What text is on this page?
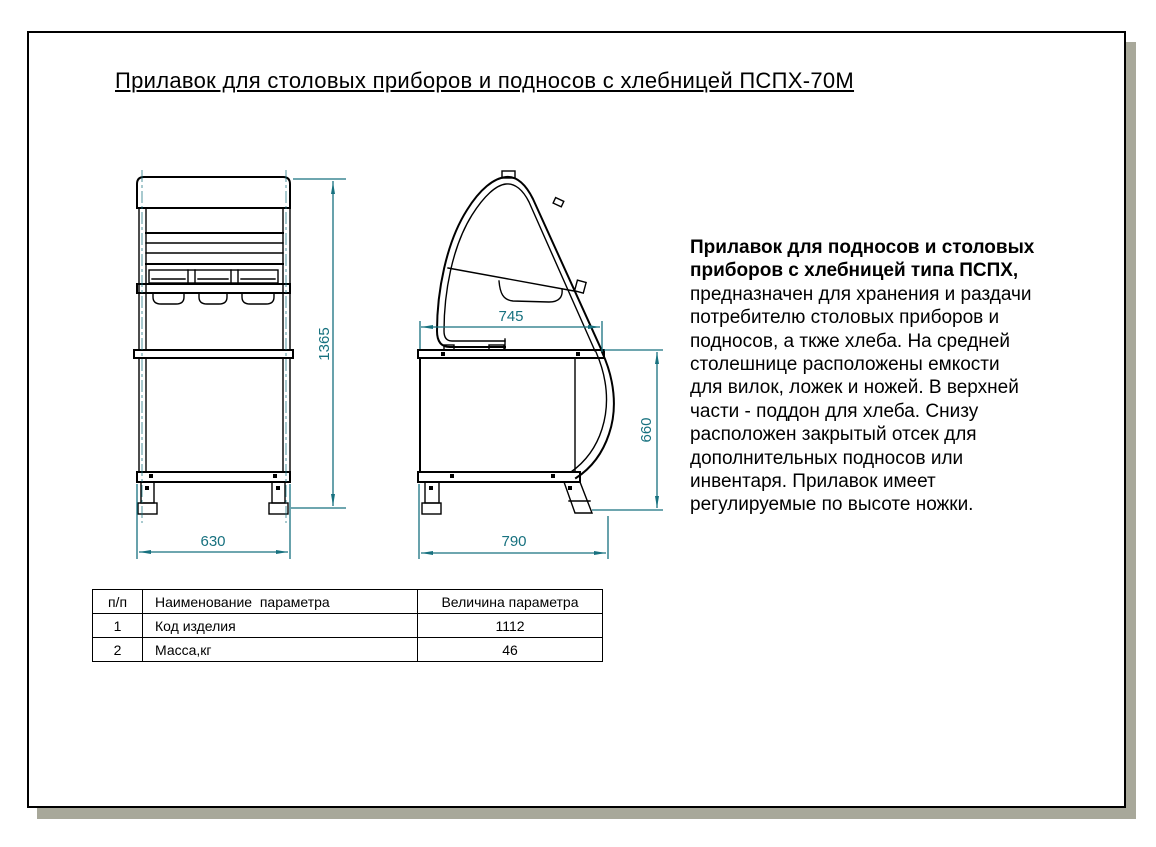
Прилавок для столовых приборов и подносов с хлебницей ПСПХ-70М
1365
630
745
660
790
Прилавок для подносов и столовых
приборов с хлебницей типа ПСПХ,
предназначен для хранения и раздачи
потребителю столовых приборов и
подносов, а ткже хлеба. На средней
столешнице расположены емкости
для вилок, ложек и ножей. В верхней
части - поддон для хлеба. Снизу
расположен закрытый отсек для
дополнительных подносов или
инвентаря. Прилавок имеет
регулируемые по высоте ножки.
п/п	Наименование  параметра	Величина параметра
1	Код изделия	1112
2	Масса,кг	46
